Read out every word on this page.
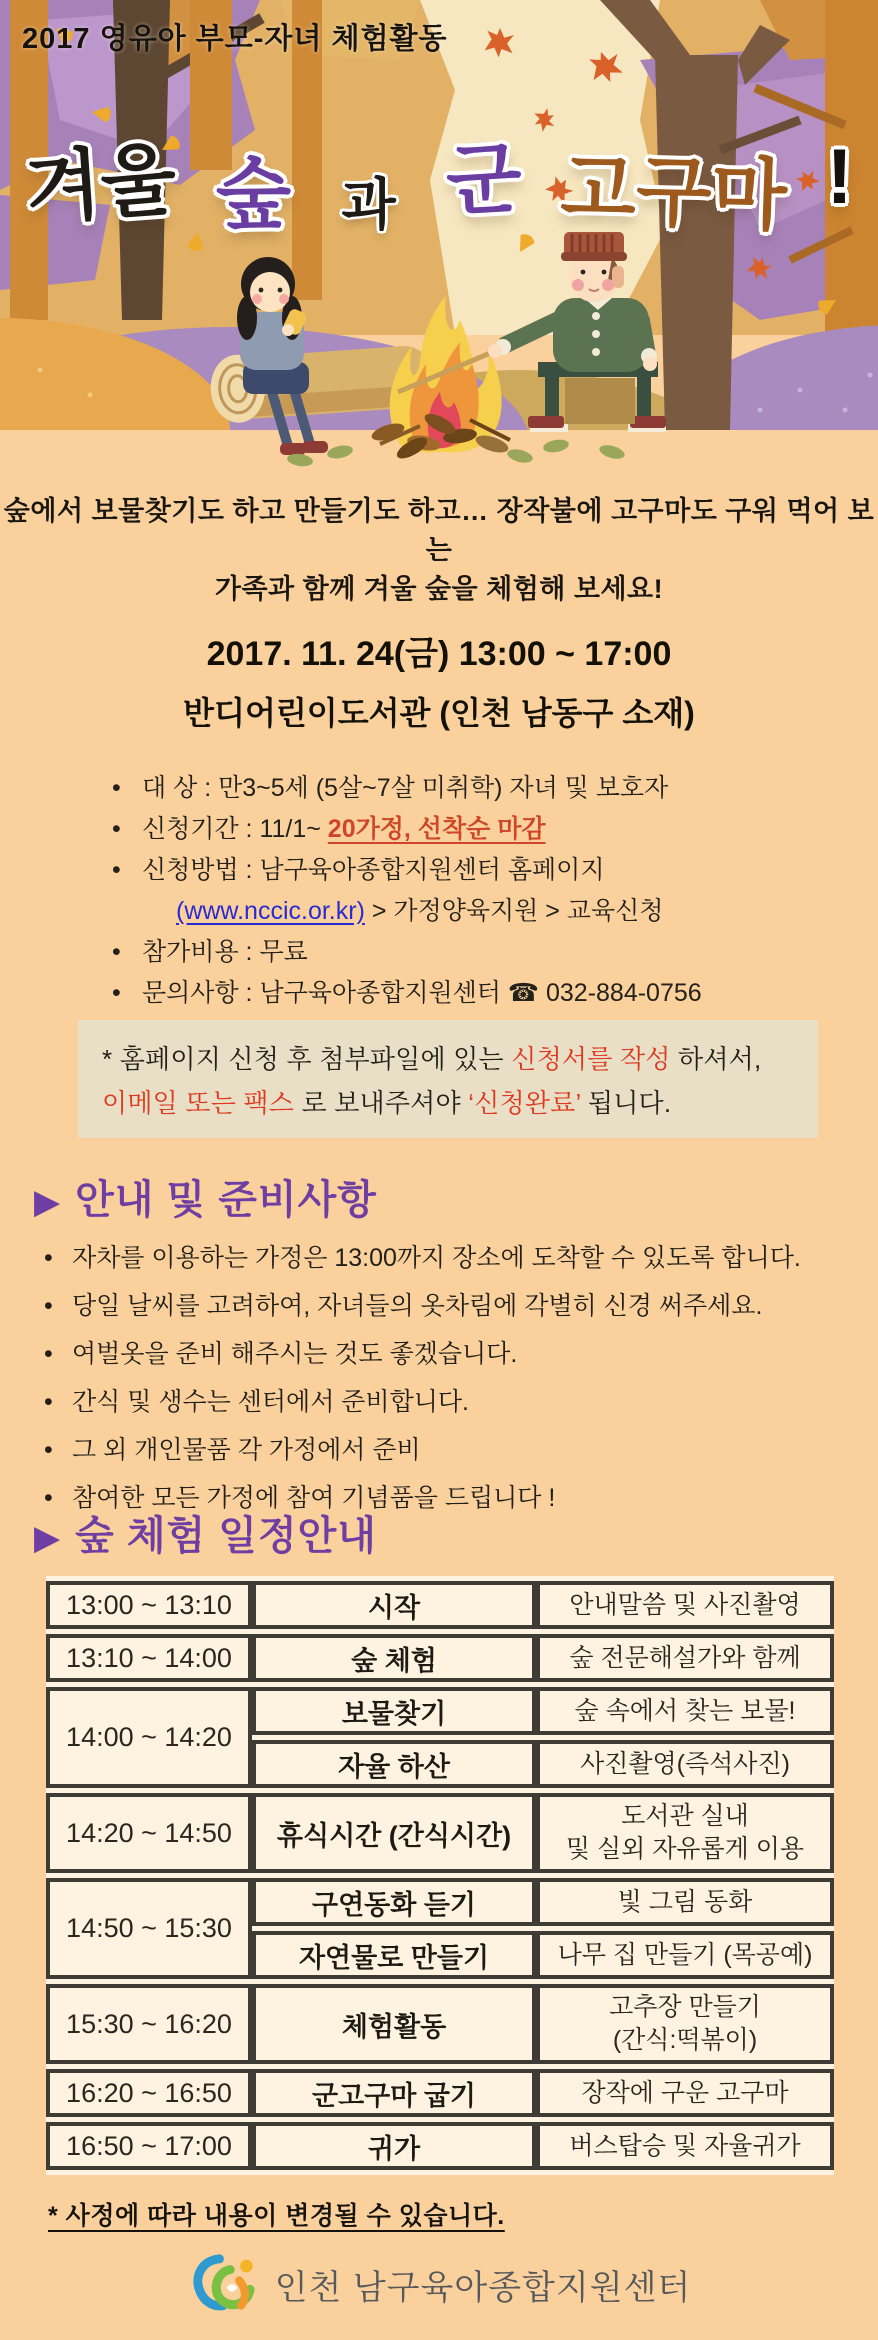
2017 영유아 부모-자녀 체험활동
겨울 숲 과 군 고구마 !
숲에서 보물찾기도 하고 만들기도 하고… 장작불에 고구마도 구워 먹어 보는
가족과 함께 겨울 숲을 체험해 보세요!
2017. 11. 24(금) 13:00 ~ 17:00
반디어린이도서관 (인천 남동구 소재)
• 대 상 : 만3~5세 (5살~7살 미취학) 자녀 및 보호자
• 신청기간 : 11/1~ 20가정, 선착순 마감
• 신청방법 : 남구육아종합지원센터 홈페이지
(www.nccic.or.kr) > 가정양육지원 > 교육신청
• 참가비용 : 무료
• 문의사항 : 남구육아종합지원센터 ☎ 032-884-0756
* 홈페이지 신청 후 첨부파일에 있는 신청서를 작성 하셔서,
이메일 또는 팩스 로 보내주셔야 ‘신청완료’ 됩니다.
▶ 안내 및 준비사항
• 자차를 이용하는 가정은 13:00까지 장소에 도착할 수 있도록 합니다.
• 당일 날씨를 고려하여, 자녀들의 옷차림에 각별히 신경 써주세요.
• 여벌옷을 준비 해주시는 것도 좋겠습니다.
• 간식 및 생수는 센터에서 준비합니다.
• 그 외 개인물품 각 가정에서 준비
• 참여한 모든 가정에 참여 기념품을 드립니다 !
▶ 숲 체험 일정안내
13:00 ~ 13:10	시작	안내말씀 및 사진촬영
13:10 ~ 14:00	숲 체험	숲 전문해설가와 함께
14:00 ~ 14:20	보물찾기	숲 속에서 찾는 보물!
	자율 하산	사진촬영(즉석사진)
14:20 ~ 14:50	휴식시간 (간식시간)	도서관 실내
및 실외 자유롭게 이용

14:50 ~ 15:30	구연동화 듣기	빛 그림 동화
	자연물로 만들기	나무 집 만들기 (목공예)
15:30 ~ 16:20	체험활동	고추장 만들기
(간식:떡볶이)

16:20 ~ 16:50	군고구마 굽기	장작에 구운 고구마
16:50 ~ 17:00	귀가	버스탑승 및 자율귀가
* 사정에 따라 내용이 변경될 수 있습니다.
인천 남구육아종합지원센터
